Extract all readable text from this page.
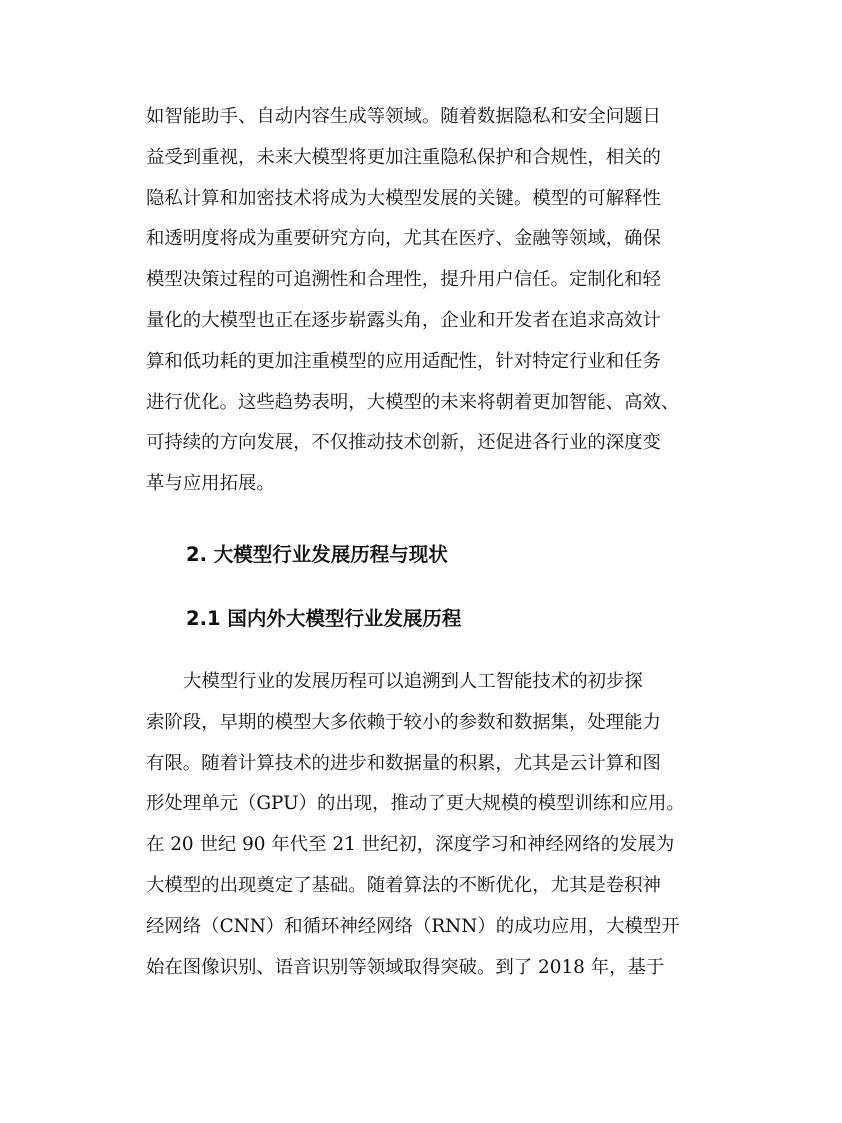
如智能助手、自动内容生成等领域。随着数据隐私和安全问题日
益受到重视，未来大模型将更加注重隐私保护和合规性，相关的
隐私计算和加密技术将成为大模型发展的关键。模型的可解释性
和透明度将成为重要研究方向，尤其在医疗、金融等领域，确保
模型决策过程的可追溯性和合理性，提升用户信任。定制化和轻
量化的大模型也正在逐步崭露头角，企业和开发者在追求高效计
算和低功耗的更加注重模型的应用适配性，针对特定行业和任务
进行优化。这些趋势表明，大模型的未来将朝着更加智能、高效、
可持续的方向发展，不仅推动技术创新，还促进各行业的深度变
革与应用拓展。
2. 大模型行业发展历程与现状
2.1 国内外大模型行业发展历程
大模型行业的发展历程可以追溯到人工智能技术的初步探
索阶段，早期的模型大多依赖于较小的参数和数据集，处理能力
有限。随着计算技术的进步和数据量的积累，尤其是云计算和图
形处理单元（GPU）的出现，推动了更大规模的模型训练和应用。
在 20 世纪 90 年代至 21 世纪初，深度学习和神经网络的发展为
大模型的出现奠定了基础。随着算法的不断优化，尤其是卷积神
经网络（CNN）和循环神经网络（RNN）的成功应用，大模型开
始在图像识别、语音识别等领域取得突破。到了 2018 年，基于
